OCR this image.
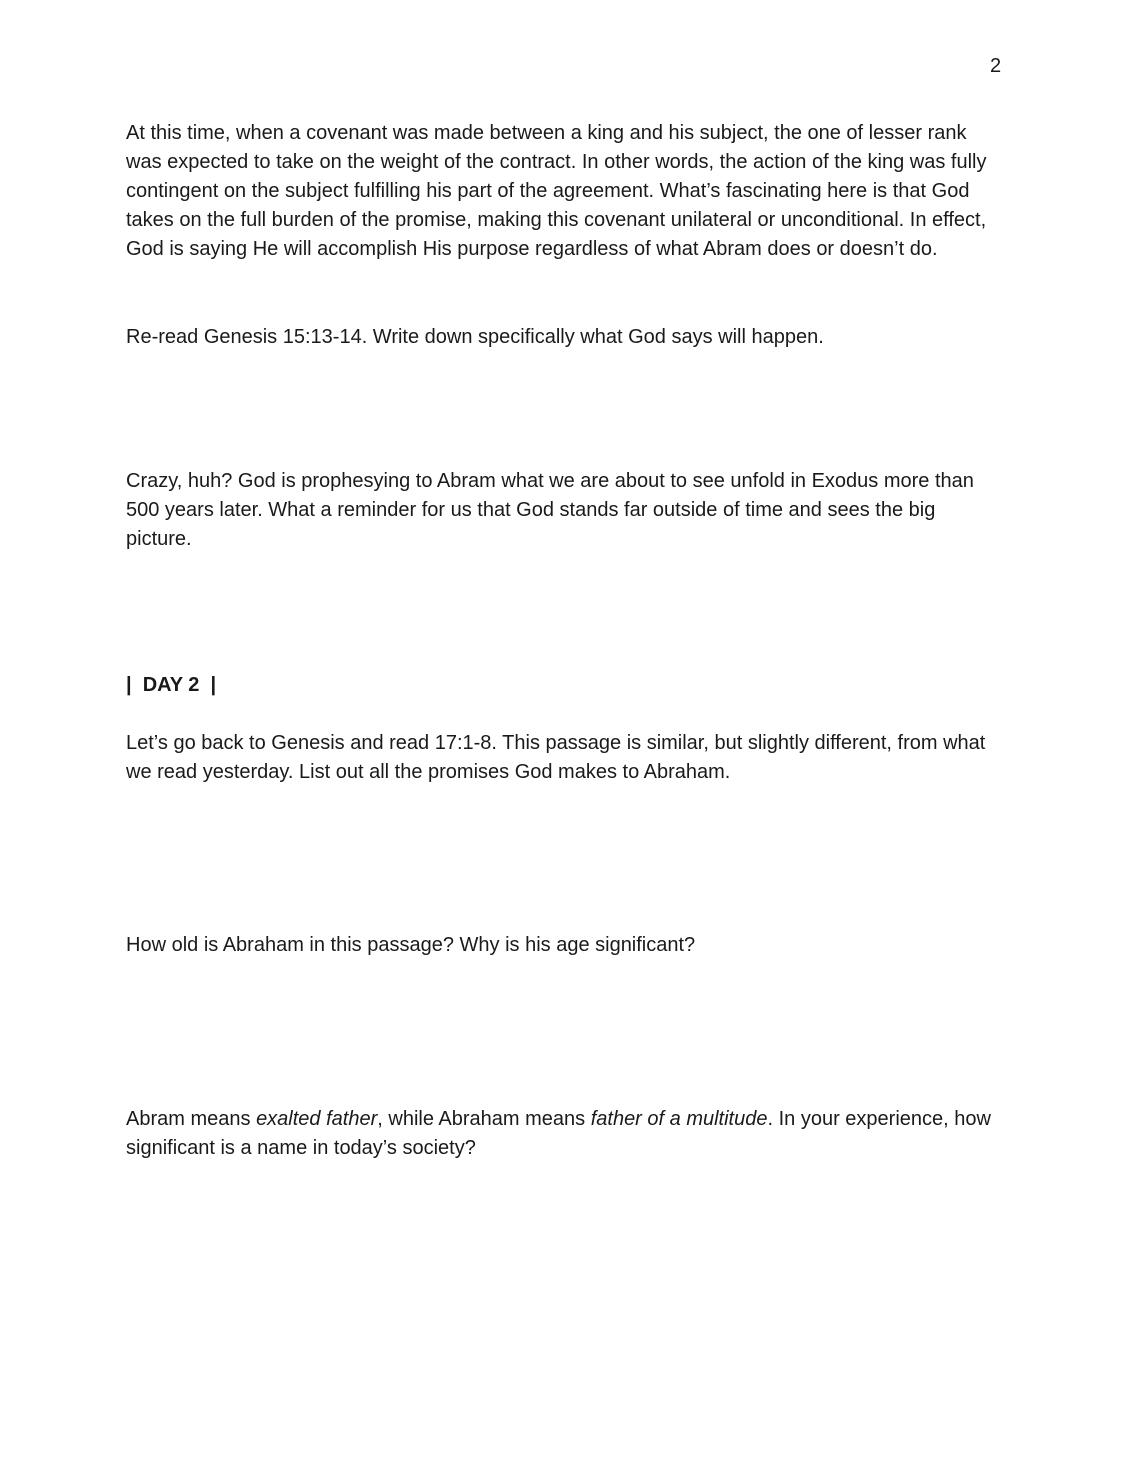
2

At this time, when a covenant was made between a king and his subject, the one of lesser rank was expected to take on the weight of the contract. In other words, the action of the king was fully contingent on the subject fulfilling his part of the agreement. What’s fascinating here is that God takes on the full burden of the promise, making this covenant unilateral or unconditional. In effect, God is saying He will accomplish His purpose regardless of what Abram does or doesn’t do.

Re-read Genesis 15:13-14. Write down specifically what God says will happen.

Crazy, huh? God is prophesying to Abram what we are about to see unfold in Exodus more than 500 years later. What a reminder for us that God stands far outside of time and sees the big picture.

|  DAY 2  |

Let’s go back to Genesis and read 17:1-8. This passage is similar, but slightly different, from what we read yesterday. List out all the promises God makes to Abraham.

How old is Abraham in this passage? Why is his age significant?

Abram means exalted father, while Abraham means father of a multitude. In your experience, how significant is a name in today’s society?
